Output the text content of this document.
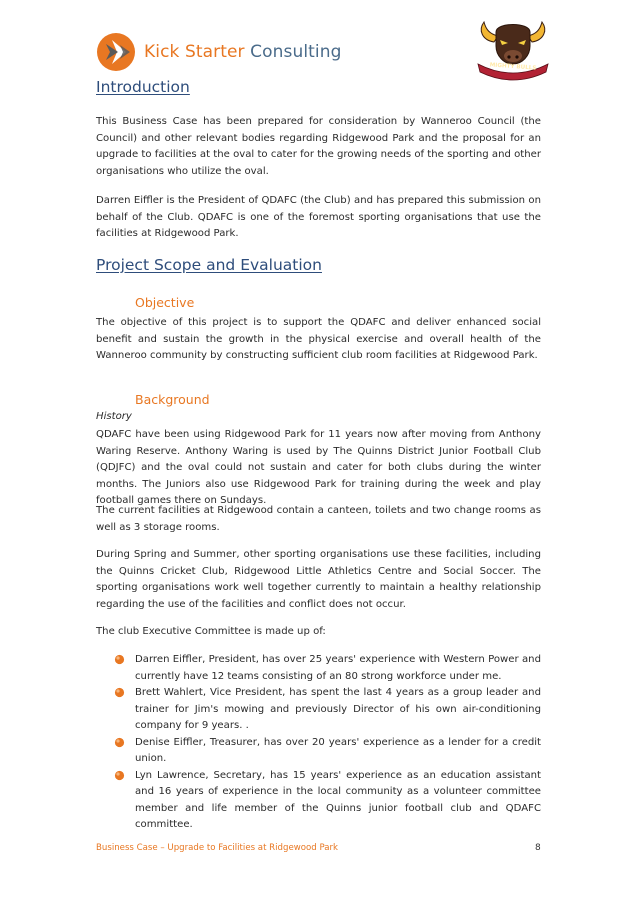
Kick Starter Consulting
MIGHTY BULLS
Introduction

This Business Case has been prepared for consideration by Wanneroo Council (the Council) and other relevant bodies regarding Ridgewood Park and the proposal for an upgrade to facilities at the oval to cater for the growing needs of the sporting and other organisations who utilize the oval.

Darren Eiffler is the President of QDAFC (the Club) and has prepared this submission on behalf of the Club. QDAFC is one of the foremost sporting organisations that use the facilities at Ridgewood Park.

Project Scope and Evaluation
Objective

The objective of this project is to support the QDAFC and deliver enhanced social benefit and sustain the growth in the physical exercise and overall health of the Wanneroo community by constructing sufficient club room facilities at Ridgewood Park.

Background
History

QDAFC have been using Ridgewood Park for 11 years now after moving from Anthony Waring Reserve. Anthony Waring is used by The Quinns District Junior Football Club (QDJFC) and the oval could not sustain and cater for both clubs during the winter months. The Juniors also use Ridgewood Park for training during the week and play football games there on Sundays.

The current facilities at Ridgewood contain a canteen, toilets and two change rooms as well as 3 storage rooms.

During Spring and Summer, other sporting organisations use these facilities, including the Quinns Cricket Club, Ridgewood Little Athletics Centre and Social Soccer. The sporting organisations work well together currently to maintain a healthy relationship regarding the use of the facilities and conflict does not occur.

The club Executive Committee is made up of:

Darren Eiffler, President, has over 25 years' experience with Western Power and currently have 12 teams consisting of an 80 strong workforce under me.
Brett Wahlert, Vice President, has spent the last 4 years as a group leader and trainer for Jim's mowing and previously Director of his own air-conditioning company for 9 years. .
Denise Eiffler, Treasurer, has over 20 years' experience as a lender for a credit union.
Lyn Lawrence, Secretary, has 15 years' experience as an education assistant and 16 years of experience in the local community as a volunteer committee member and life member of the Quinns junior football club and QDAFC committee.
Business Case – Upgrade to Facilities at Ridgewood Park	8
